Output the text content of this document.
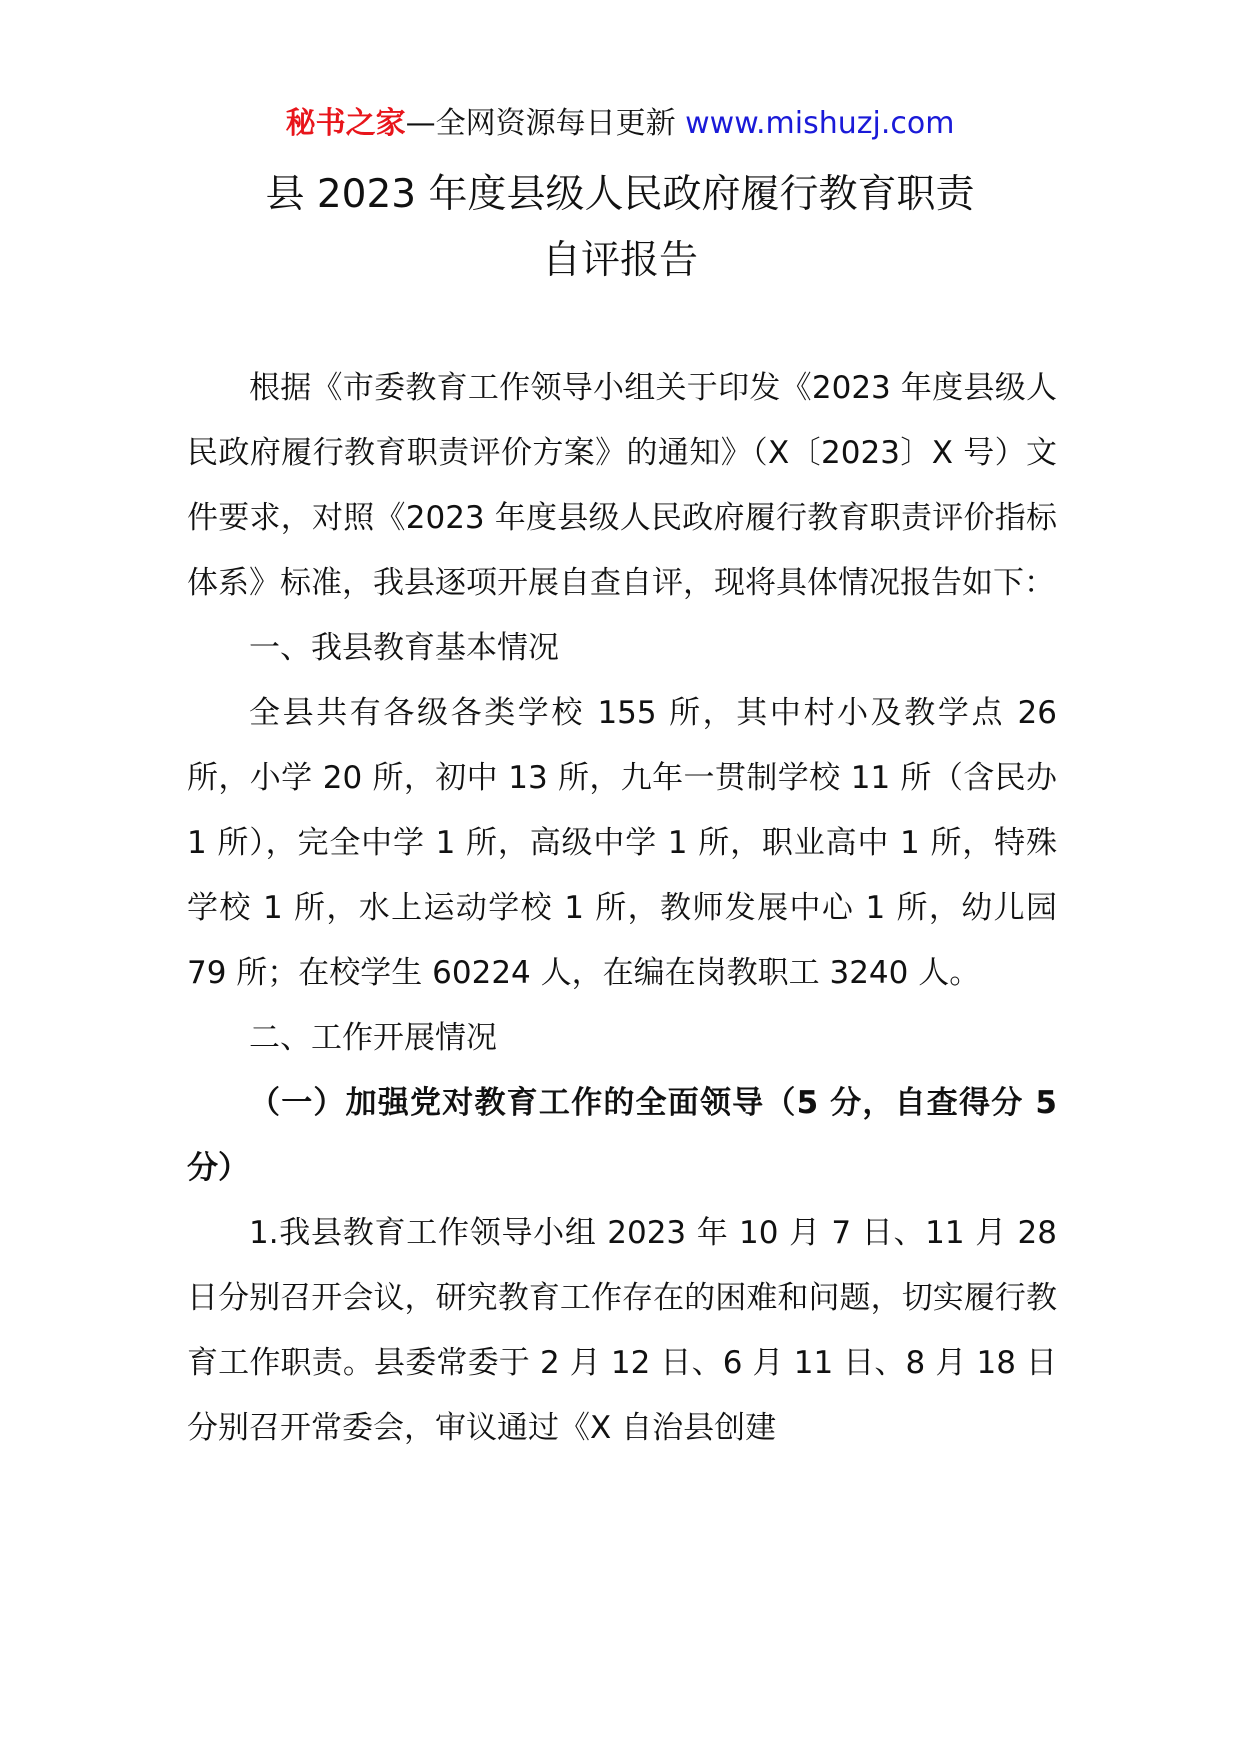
秘书之家—全网资源每日更新 www.mishuzj.com
县 2023 年度县级人民政府履行教育职责
自评报告

根据《市委教育工作领导小组关于印发《2023 年度县级人民政府履行教育职责评价方案》的通知》（X〔2023〕X 号）文件要求，对照《2023 年度县级人民政府履行教育职责评价指标体系》标准，我县逐项开展自查自评，现将具体情况报告如下：

一、我县教育基本情况

全县共有各级各类学校 155 所，其中村小及教学点 26 所，小学 20 所，初中 13 所，九年一贯制学校 11 所（含民办 1 所），完全中学 1 所，高级中学 1 所，职业高中 1 所，特殊学校 1 所，水上运动学校 1 所，教师发展中心 1 所，幼儿园 79 所；在校学生 60224 人，在编在岗教职工 3240 人。

二、工作开展情况

（一）加强党对教育工作的全面领导（5 分，自查得分 5 分）

1.我县教育工作领导小组 2023 年 10 月 7 日、11 月 28 日分别召开会议，研究教育工作存在的困难和问题，切实履行教育工作职责。县委常委于 2 月 12 日、6 月 11 日、8 月 18 日分别召开常委会，审议通过《X 自治县创建
